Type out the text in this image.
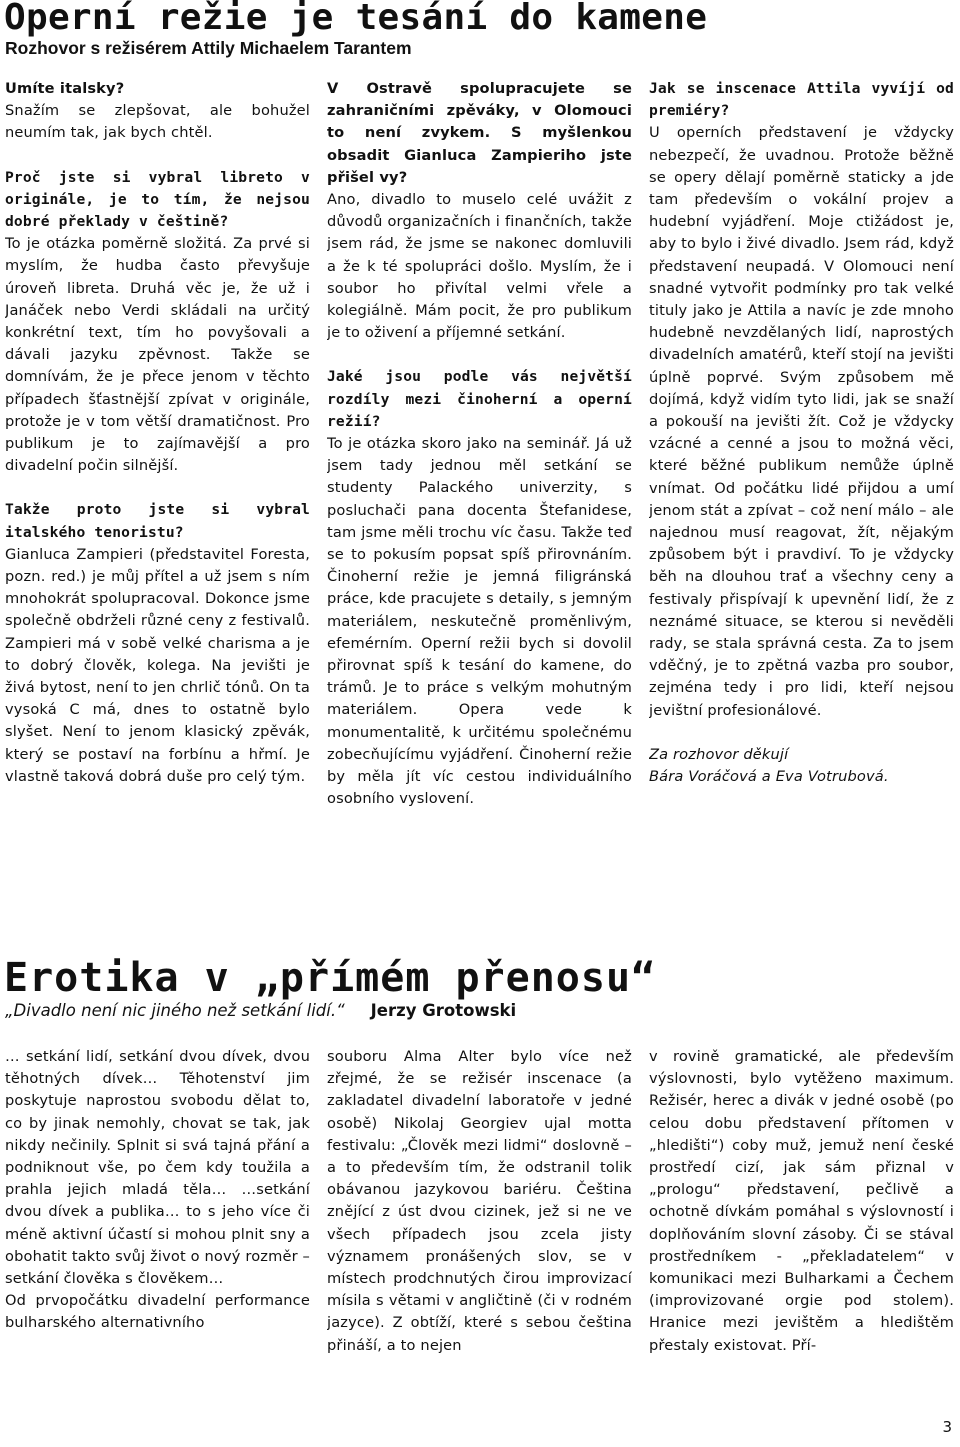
Operní režie je tesání do kamene
Rozhovor s režisérem Attily Michaelem Tarantem

Umíte italsky?

Snažím se zlepšovat, ale bohužel neumím tak, jak bych chtěl.

Proč jste si vybral libreto v originále, je to tím, že nejsou dobré překlady v češtině?

To je otázka poměrně složitá. Za prvé si myslím, že hudba často převyšuje úroveň libreta. Druhá věc je, že už i Janáček nebo Verdi skládali na určitý konkrétní text, tím ho povyšovali a dávali jazyku zpěvnost. Takže se domnívám, že je přece jenom v těchto případech šťastnější zpívat v originále, protože je v tom větší dramatičnost. Pro publikum je to zajímavější a pro divadelní počin silnější.

Takže proto jste si vybral italského tenoristu?

Gianluca Zampieri (představitel Foresta, pozn. red.) je můj přítel a už jsem s ním mnohokrát spolupracoval. Dokonce jsme společně obdrželi různé ceny z festivalů. Zampieri má v sobě velké charisma a je to dobrý člověk, kolega. Na jevišti je živá bytost, není to jen chrlič tónů. On ta vysoká C má, dnes to ostatně bylo slyšet. Není to jenom klasický zpěvák, který se postaví na forbínu a hřmí. Je vlastně taková dobrá duše pro celý tým.

V Ostravě spolupracujete se zahraničními zpěváky, v Olomouci to není zvykem. S myšlenkou obsadit Gianluca Zampieriho jste přišel vy?

Ano, divadlo to muselo celé uvážit z důvodů organizačních i finančních, takže jsem rád, že jsme se nakonec domluvili a že k té spolupráci došlo. Myslím, že i soubor ho přivítal velmi vřele a kolegiálně. Mám pocit, že pro publikum je to oživení a příjemné setkání.

Jaké jsou podle vás největší rozdíly mezi činoherní a operní režií?

To je otázka skoro jako na seminář. Já už jsem tady jednou měl setkání se studenty Palackého univerzity, s posluchači pana docenta Štefanidese, tam jsme měli trochu víc času. Takže teď se to pokusím popsat spíš přirovnáním. Činoherní režie je jemná filigránská práce, kde pracujete s detaily, s jemným materiálem, neskutečně proměnlivým, efemérním. Operní režii bych si dovolil přirovnat spíš k tesání do kamene, do trámů. Je to práce s velkým mohutným materiálem. Opera vede k monumentalitě, k určitému společnému zobecňujícímu vyjádření. Činoherní režie by měla jít víc cestou individuálního osobního vyslovení.

Jak se inscenace Attila vyvíjí od premiéry?

U operních představení je vždycky nebezpečí, že uvadnou. Protože běžně se opery dělají poměrně staticky a jde tam především o vokální projev a hudební vyjádření. Moje ctižádost je, aby to bylo i živé divadlo. Jsem rád, když představení neupadá. V Olomouci není snadné vytvořit podmínky pro tak velké tituly jako je Attila a navíc je zde mnoho hudebně nevzdělaných lidí, naprostých divadelních amatérů, kteří stojí na jevišti úplně poprvé. Svým způsobem mě dojímá, když vidím tyto lidi, jak se snaží a pokouší na jevišti žít. Což je vždycky vzácné a cenné a jsou to možná věci, které běžné publikum nemůže úplně vnímat. Od počátku lidé přijdou a umí jenom stát a zpívat – což není málo – ale najednou musí reagovat, žít, nějakým způsobem být i pravdiví. To je vždycky běh na dlouhou trať a všechny ceny a festivaly přispívají k upevnění lidí, že z neznámé situace, se kterou si nevěděli rady, se stala správná cesta. Za to jsem vděčný, je to zpětná vazba pro soubor, zejména tedy i pro lidi, kteří nejsou jevištní profesionálové.

Za rozhovor děkují

Bára Voráčová a Eva Votrubová.

Erotika v „přímém přenosu“

„Divadlo není nic jiného než setkání lidí.“ Jerzy Grotowski

… setkání lidí, setkání dvou dívek, dvou těhotných dívek… Těhotenství jim poskytuje naprostou svobodu dělat to, co by jinak nemohly, chovat se tak, jak nikdy nečinily. Splnit si svá tajná přání a podniknout vše, po čem kdy toužila a prahla jejich mladá těla… …setkání dvou dívek a publika… to s jeho více či méně aktivní účastí si mohou plnit sny a obohatit takto svůj život o nový rozměr – setkání člověka s člověkem…

Od prvopočátku divadelní performance bulharského alternativního

souboru Alma Alter bylo více než zřejmé, že se režisér inscenace (a zakladatel divadelní laboratoře v jedné osobě) Nikolaj Georgiev ujal motta festivalu: „Člověk mezi lidmi“ doslovně – a to především tím, že odstranil tolik obávanou jazykovou bariéru. Čeština znějící z úst dvou cizinek, jež si ne ve všech případech jsou zcela jisty významem pronášených slov, se v místech prodchnutých čirou improvizací mísila s větami v angličtině (či v rodném jazyce). Z obtíží, které s sebou čeština přináší, a to nejen

v rovině gramatické, ale především výslovnosti, bylo vytěženo maximum. Režisér, herec a divák v jedné osobě (po celou dobu představení přítomen v „hledišti“) coby muž, jemuž není české prostředí cizí, jak sám přiznal v „prologu“ představení, pečlivě a ochotně dívkám pomáhal s výslovností i doplňováním slovní zásoby. Či se stával prostředníkem - „překladatelem“ v komunikaci mezi Bulharkami a Čechem (improvizované orgie pod stolem). Hranice mezi jevištěm a hledištěm přestaly existovat. Pří-

3
